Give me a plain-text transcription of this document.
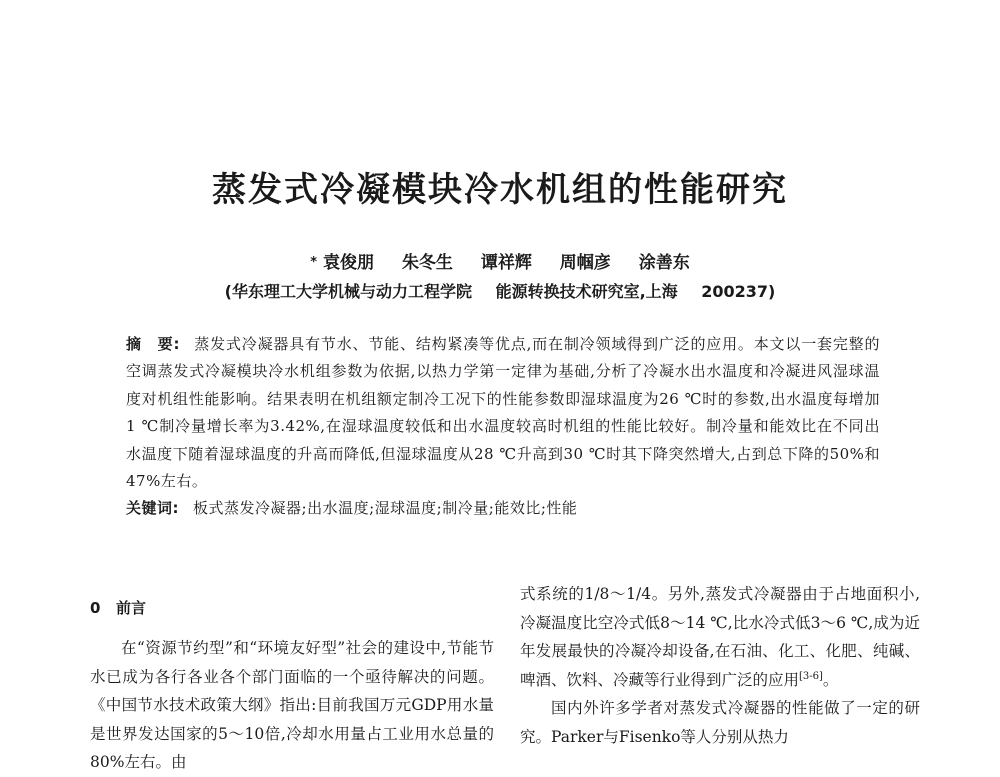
蒸发式冷凝模块冷水机组的性能研究
* 袁俊朋 朱冬生 谭祥辉 周帼彦 涂善东
(华东理工大学机械与动力工程学院 能源转换技术研究室,上海 200237)
摘　要: 蒸发式冷凝器具有节水、节能、结构紧凑等优点,而在制冷领域得到广泛的应用。本文以一套完整的空调蒸发式冷凝模块冷水机组参数为依据,以热力学第一定律为基础,分析了冷凝水出水温度和冷凝进风湿球温度对机组性能影响。结果表明在机组额定制冷工况下的性能参数即湿球温度为26 ℃时的参数,出水温度每增加1 ℃制冷量增长率为3.42%,在湿球温度较低和出水温度较高时机组的性能比较好。制冷量和能效比在不同出水温度下随着湿球温度的升高而降低,但湿球温度从28 ℃升高到30 ℃时其下降突然增大,占到总下降的50%和47%左右。
关键词: 板式蒸发冷凝器;出水温度;湿球温度;制冷量;能效比;性能
0 前言

在“资源节约型”和“环境友好型”社会的建设中,节能节水已成为各行各业各个部门面临的一个亟待解决的问题。《中国节水技术政策大纲》指出:目前我国万元GDP用水量是世界发达国家的5～10倍,冷却水用量占工业用水总量的80%左右。由

式系统的1/8～1/4。另外,蒸发式冷凝器由于占地面积小,冷凝温度比空冷式低8～14 ℃,比水冷式低3～6 ℃,成为近年发展最快的冷凝冷却设备,在石油、化工、化肥、纯碱、啤酒、饮料、冷藏等行业得到广泛的应用[3-6]。

国内外许多学者对蒸发式冷凝器的性能做了一定的研究。Parker与Fisenko等人分别从热力
